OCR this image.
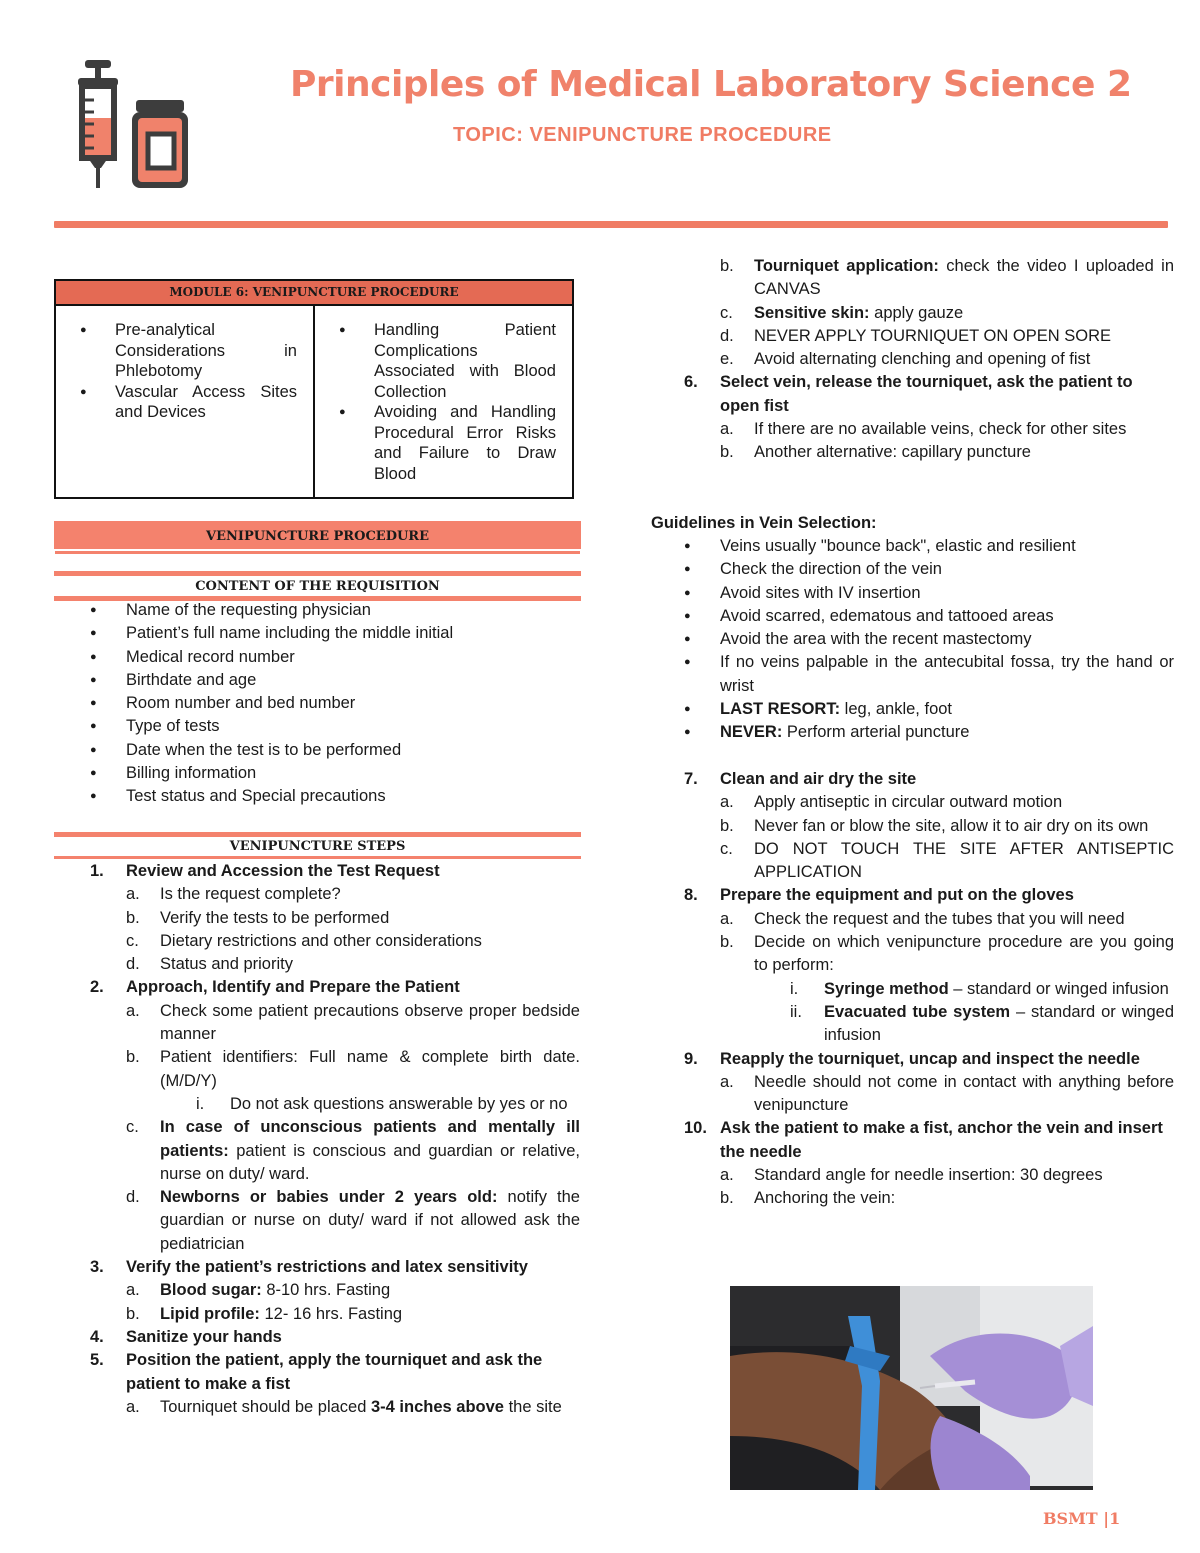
Principles of Medical Laboratory Science 2
TOPIC: VENIPUNCTURE PROCEDURE
MODULE 6: VENIPUNCTURE PROCEDURE
● Pre-analytical Considerations in Phlebotomy
● Vascular Access Sites and Devices
● Handling Patient Complications Associated with Blood Collection
● Avoiding and Handling Procedural Error Risks and Failure to Draw Blood
VENIPUNCTURE PROCEDURE
CONTENT OF THE REQUISITION
● Name of the requesting physician
● Patient’s full name including the middle initial
● Medical record number
● Birthdate and age
● Room number and bed number
● Type of tests
● Date when the test is to be performed
● Billing information
● Test status and Special precautions
VENIPUNCTURE STEPS
1.	Review and Accession the Test Request
a. Is the request complete?
b. Verify the tests to be performed
c. Dietary restrictions and other considerations
d. Status and priority
2.	Approach, Identify and Prepare the Patient
a. Check some patient precautions observe proper bedside manner
b. Patient identifiers: Full name & complete birth date.(M/D/Y)
i. Do not ask questions answerable by yes or no
c. In case of unconscious patients and mentally ill patients: patient is conscious and guardian or relative, nurse on duty/ ward.
d. Newborns or babies under 2 years old: notify the guardian or nurse on duty/ ward if not allowed ask the pediatrician
3.	Verify the patient’s restrictions and latex sensitivity
a. Blood sugar: 8-10 hrs. Fasting
b. Lipid profile: 12- 16 hrs. Fasting
4.	Sanitize your hands
5.	Position the patient, apply the tourniquet and ask the patient to make a fist
a. Tourniquet should be placed 3-4 inches above the site
b. Tourniquet application: check the video I uploaded in CANVAS
c. Sensitive skin: apply gauze
d. NEVER APPLY TOURNIQUET ON OPEN SORE
e. Avoid alternating clenching and opening of fist
6.	Select vein, release the tourniquet, ask the patient to open fist
a. If there are no available veins, check for other sites
b. Another alternative: capillary puncture
Guidelines in Vein Selection:
● Veins usually "bounce back", elastic and resilient
● Check the direction of the vein
● Avoid sites with IV insertion
● Avoid scarred, edematous and tattooed areas
● Avoid the area with the recent mastectomy
● If no veins palpable in the antecubital fossa, try the hand or wrist
● LAST RESORT: leg, ankle, foot
● NEVER: Perform arterial puncture
7.	Clean and air dry the site
a. Apply antiseptic in circular outward motion
b. Never fan or blow the site, allow it to air dry on its own
c. DO NOT TOUCH THE SITE AFTER ANTISEPTIC APPLICATION
8.	Prepare the equipment and put on the gloves
a. Check the request and the tubes that you will need
b. Decide on which venipuncture procedure are you going to perform:
i. Syringe method – standard or winged infusion
ii. Evacuated tube system – standard or winged infusion
9.	Reapply the tourniquet, uncap and inspect the needle
a. Needle should not come in contact with anything before venipuncture
10. Ask the patient to make a fist, anchor the vein and insert the needle
a. Standard angle for needle insertion: 30 degrees
b. Anchoring the vein:
BSMT |1
